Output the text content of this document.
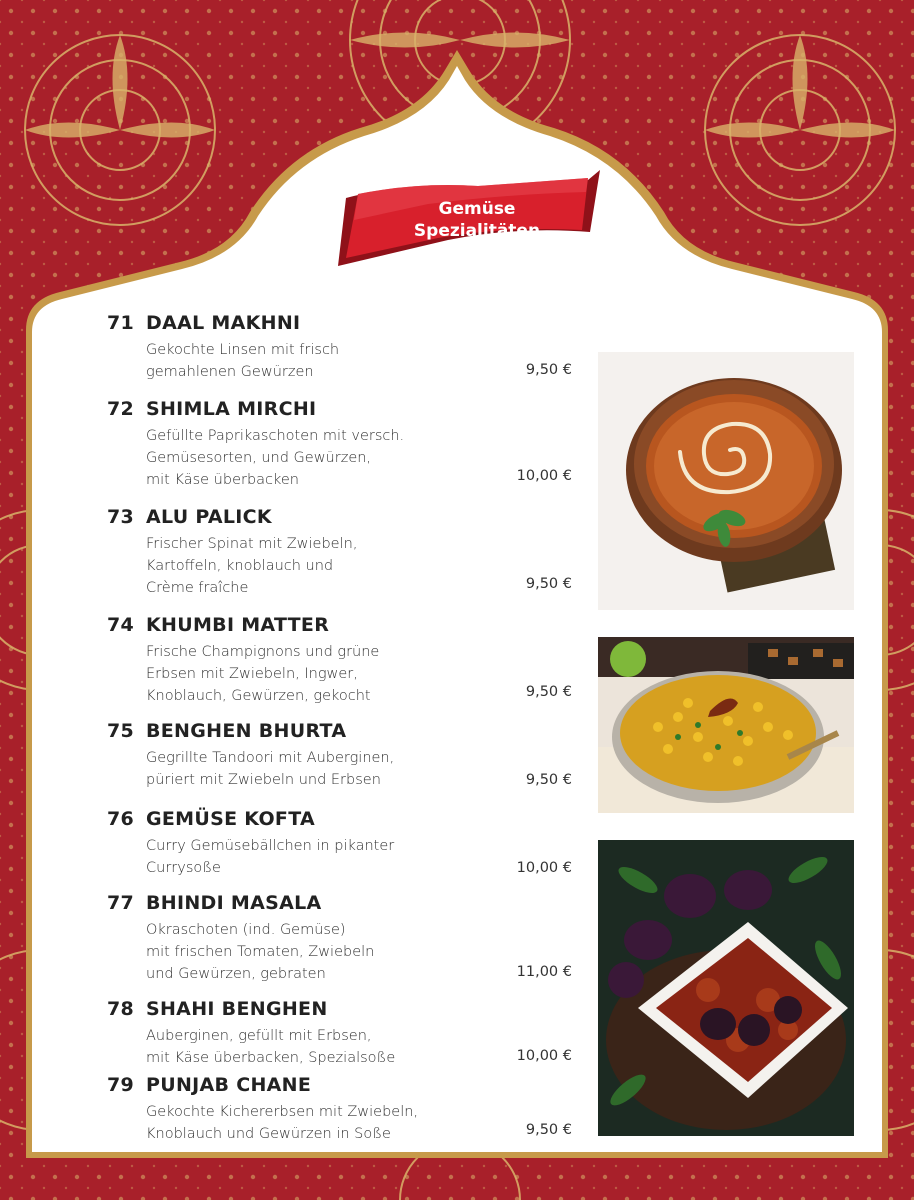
Gemüse
Spezialitäten
71 DAAL MAKHNI
Gekochte Linsen mit frisch
gemahlenen Gewürzen	9,50 €
72 SHIMLA MIRCHI
Gefüllte Paprikaschoten mit versch.
Gemüsesorten, und Gewürzen,
mit Käse überbacken	10,00 €
73 ALU PALICK
Frischer Spinat mit Zwiebeln,
Kartoffeln, knoblauch und
Crème fraîche	9,50 €
74 KHUMBI MATTER
Frische Champignons und grüne
Erbsen mit Zwiebeln, Ingwer,
Knoblauch, Gewürzen, gekocht	9,50 €
75 BENGHEN BHURTA
Gegrillte Tandoori mit Auberginen,
püriert mit Zwiebeln und Erbsen	9,50 €
76 GEMÜSE KOFTA
Curry Gemüsebällchen in pikanter
Currysoße	10,00 €
77 BHINDI MASALA
Okraschoten (ind. Gemüse)
mit frischen Tomaten, Zwiebeln
und Gewürzen, gebraten	11,00 €
78 SHAHI BENGHEN
Auberginen, gefüllt mit Erbsen,
mit Käse überbacken, Spezialsoße	10,00 €
79 PUNJAB CHANE
Gekochte Kichererbsen mit Zwiebeln,
Knoblauch und Gewürzen in Soße	9,50 €
